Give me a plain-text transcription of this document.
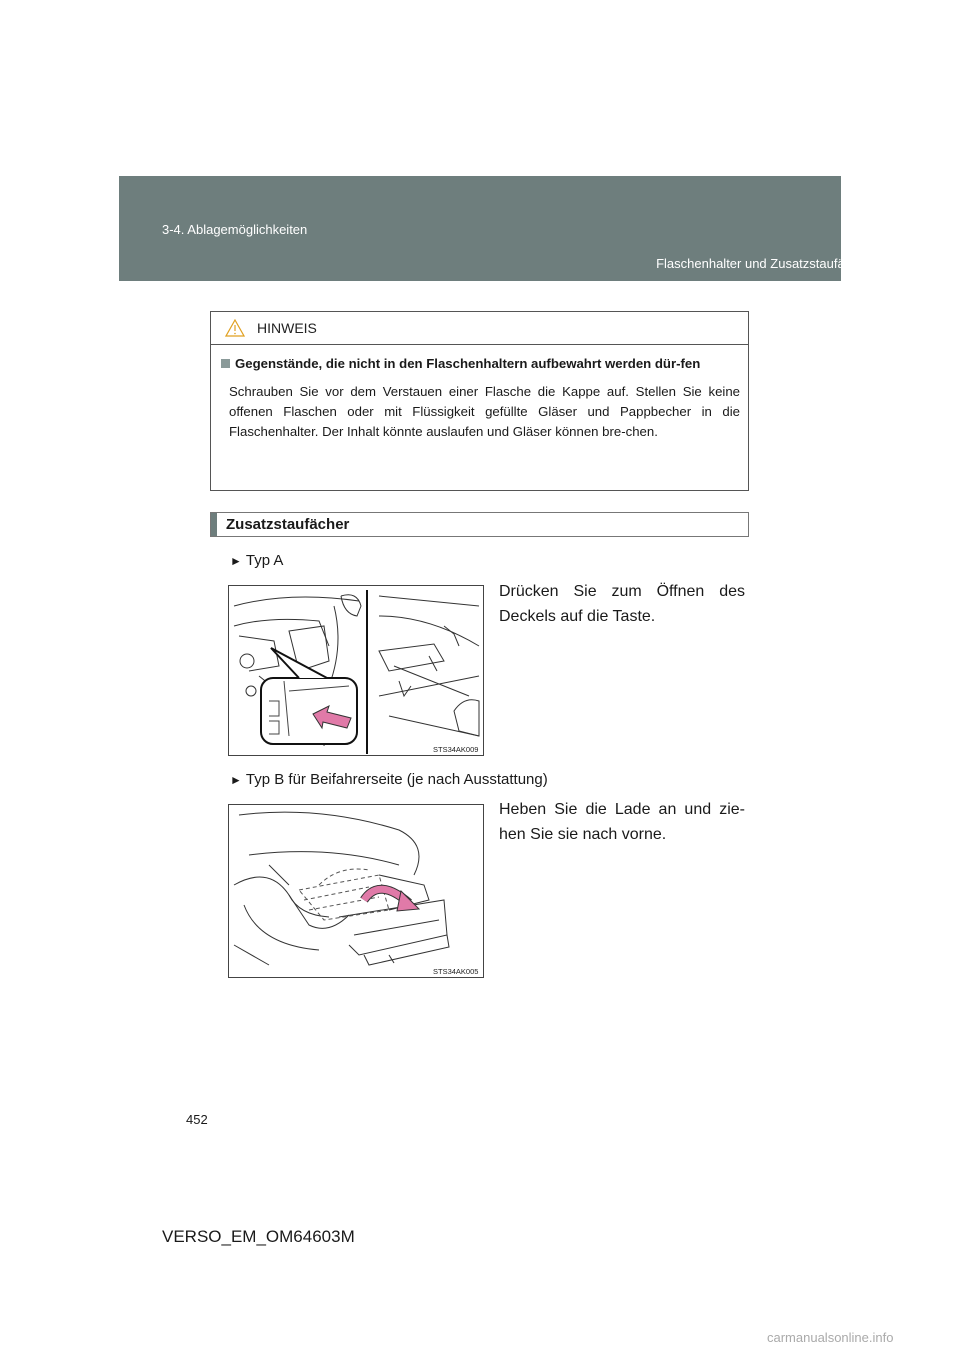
3-4. Ablagemöglichkeiten
Flaschenhalter und Zusatzstaufächer
HINWEIS
Gegenstände, die nicht in den Flaschenhaltern aufbewahrt werden dür-fen
Schrauben Sie vor dem Verstauen einer Flasche die Kappe auf. Stellen Sie keine offenen Flaschen oder mit Flüssigkeit gefüllte Gläser und Pappbecher in die Flaschenhalter. Der Inhalt könnte auslaufen und Gläser können bre-chen.
Zusatzstaufächer
► Typ A
Drücken Sie zum Öffnen des Deckels auf die Taste.
STS34AK009
► Typ B für Beifahrerseite (je nach Ausstattung)
Heben Sie die Lade an und zie-hen Sie sie nach vorne.
STS34AK005
452
VERSO_EM_OM64603M
carmanualsonline.info
